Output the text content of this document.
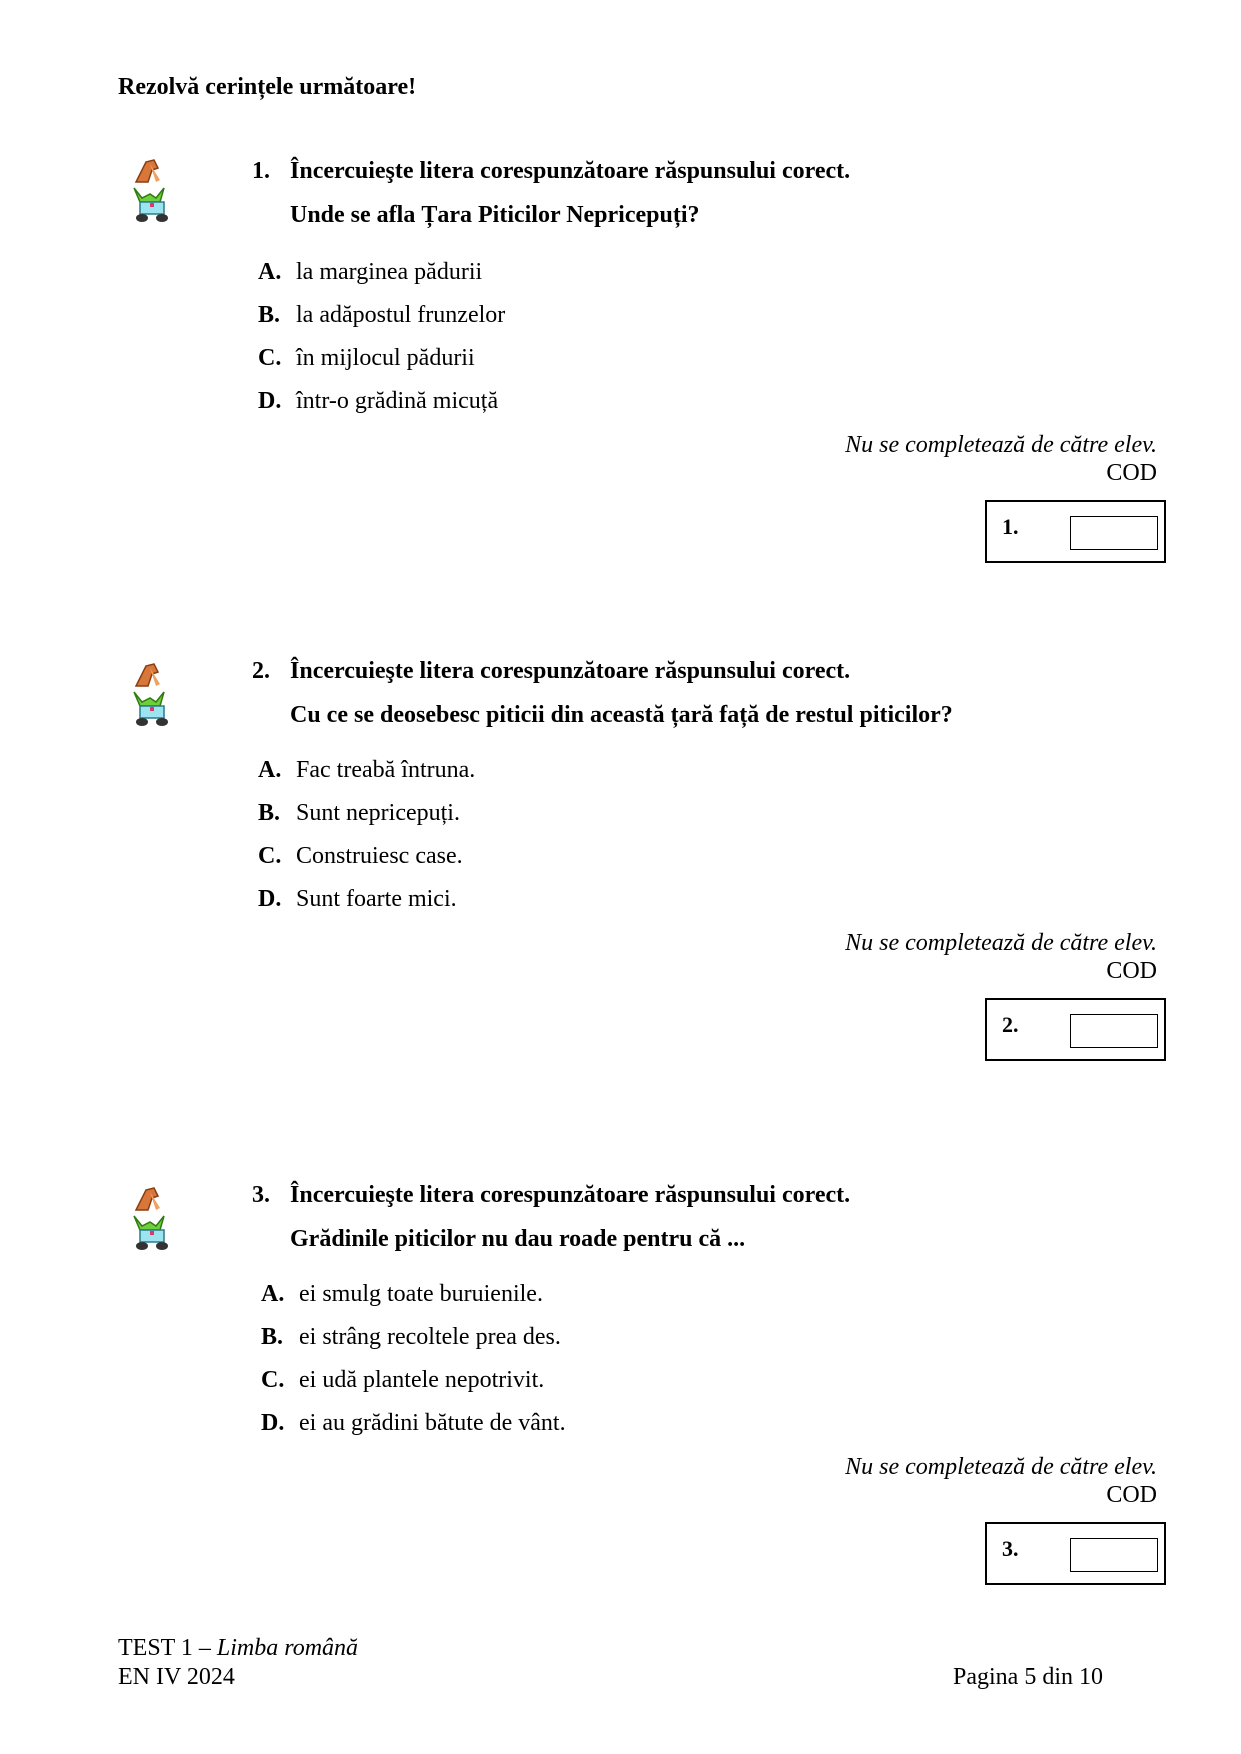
Rezolvă cerințele următoare!
1. Încercuieşte litera corespunzătoare răspunsului corect.
Unde se afla Țara Piticilor Nepricepuți?
A. la marginea pădurii
B. la adăpostul frunzelor
C. în mijlocul pădurii
D. într-o grădină micuță
Nu se completează de către elev.
COD
1.
2. Încercuieşte litera corespunzătoare răspunsului corect.
Cu ce se deosebesc piticii din această țară față de restul piticilor?
A. Fac treabă întruna.
B. Sunt nepricepuți.
C. Construiesc case.
D. Sunt foarte mici.
Nu se completează de către elev.
COD
2.
3. Încercuieşte litera corespunzătoare răspunsului corect.
Grădinile piticilor nu dau roade pentru că ...
A. ei smulg toate buruienile.
B. ei strâng recoltele prea des.
C. ei udă plantele nepotrivit.
D. ei au grădini bătute de vânt.
Nu se completează de către elev.
COD
3.
TEST 1 – Limba română
EN IV 2024	Pagina 5 din 10
